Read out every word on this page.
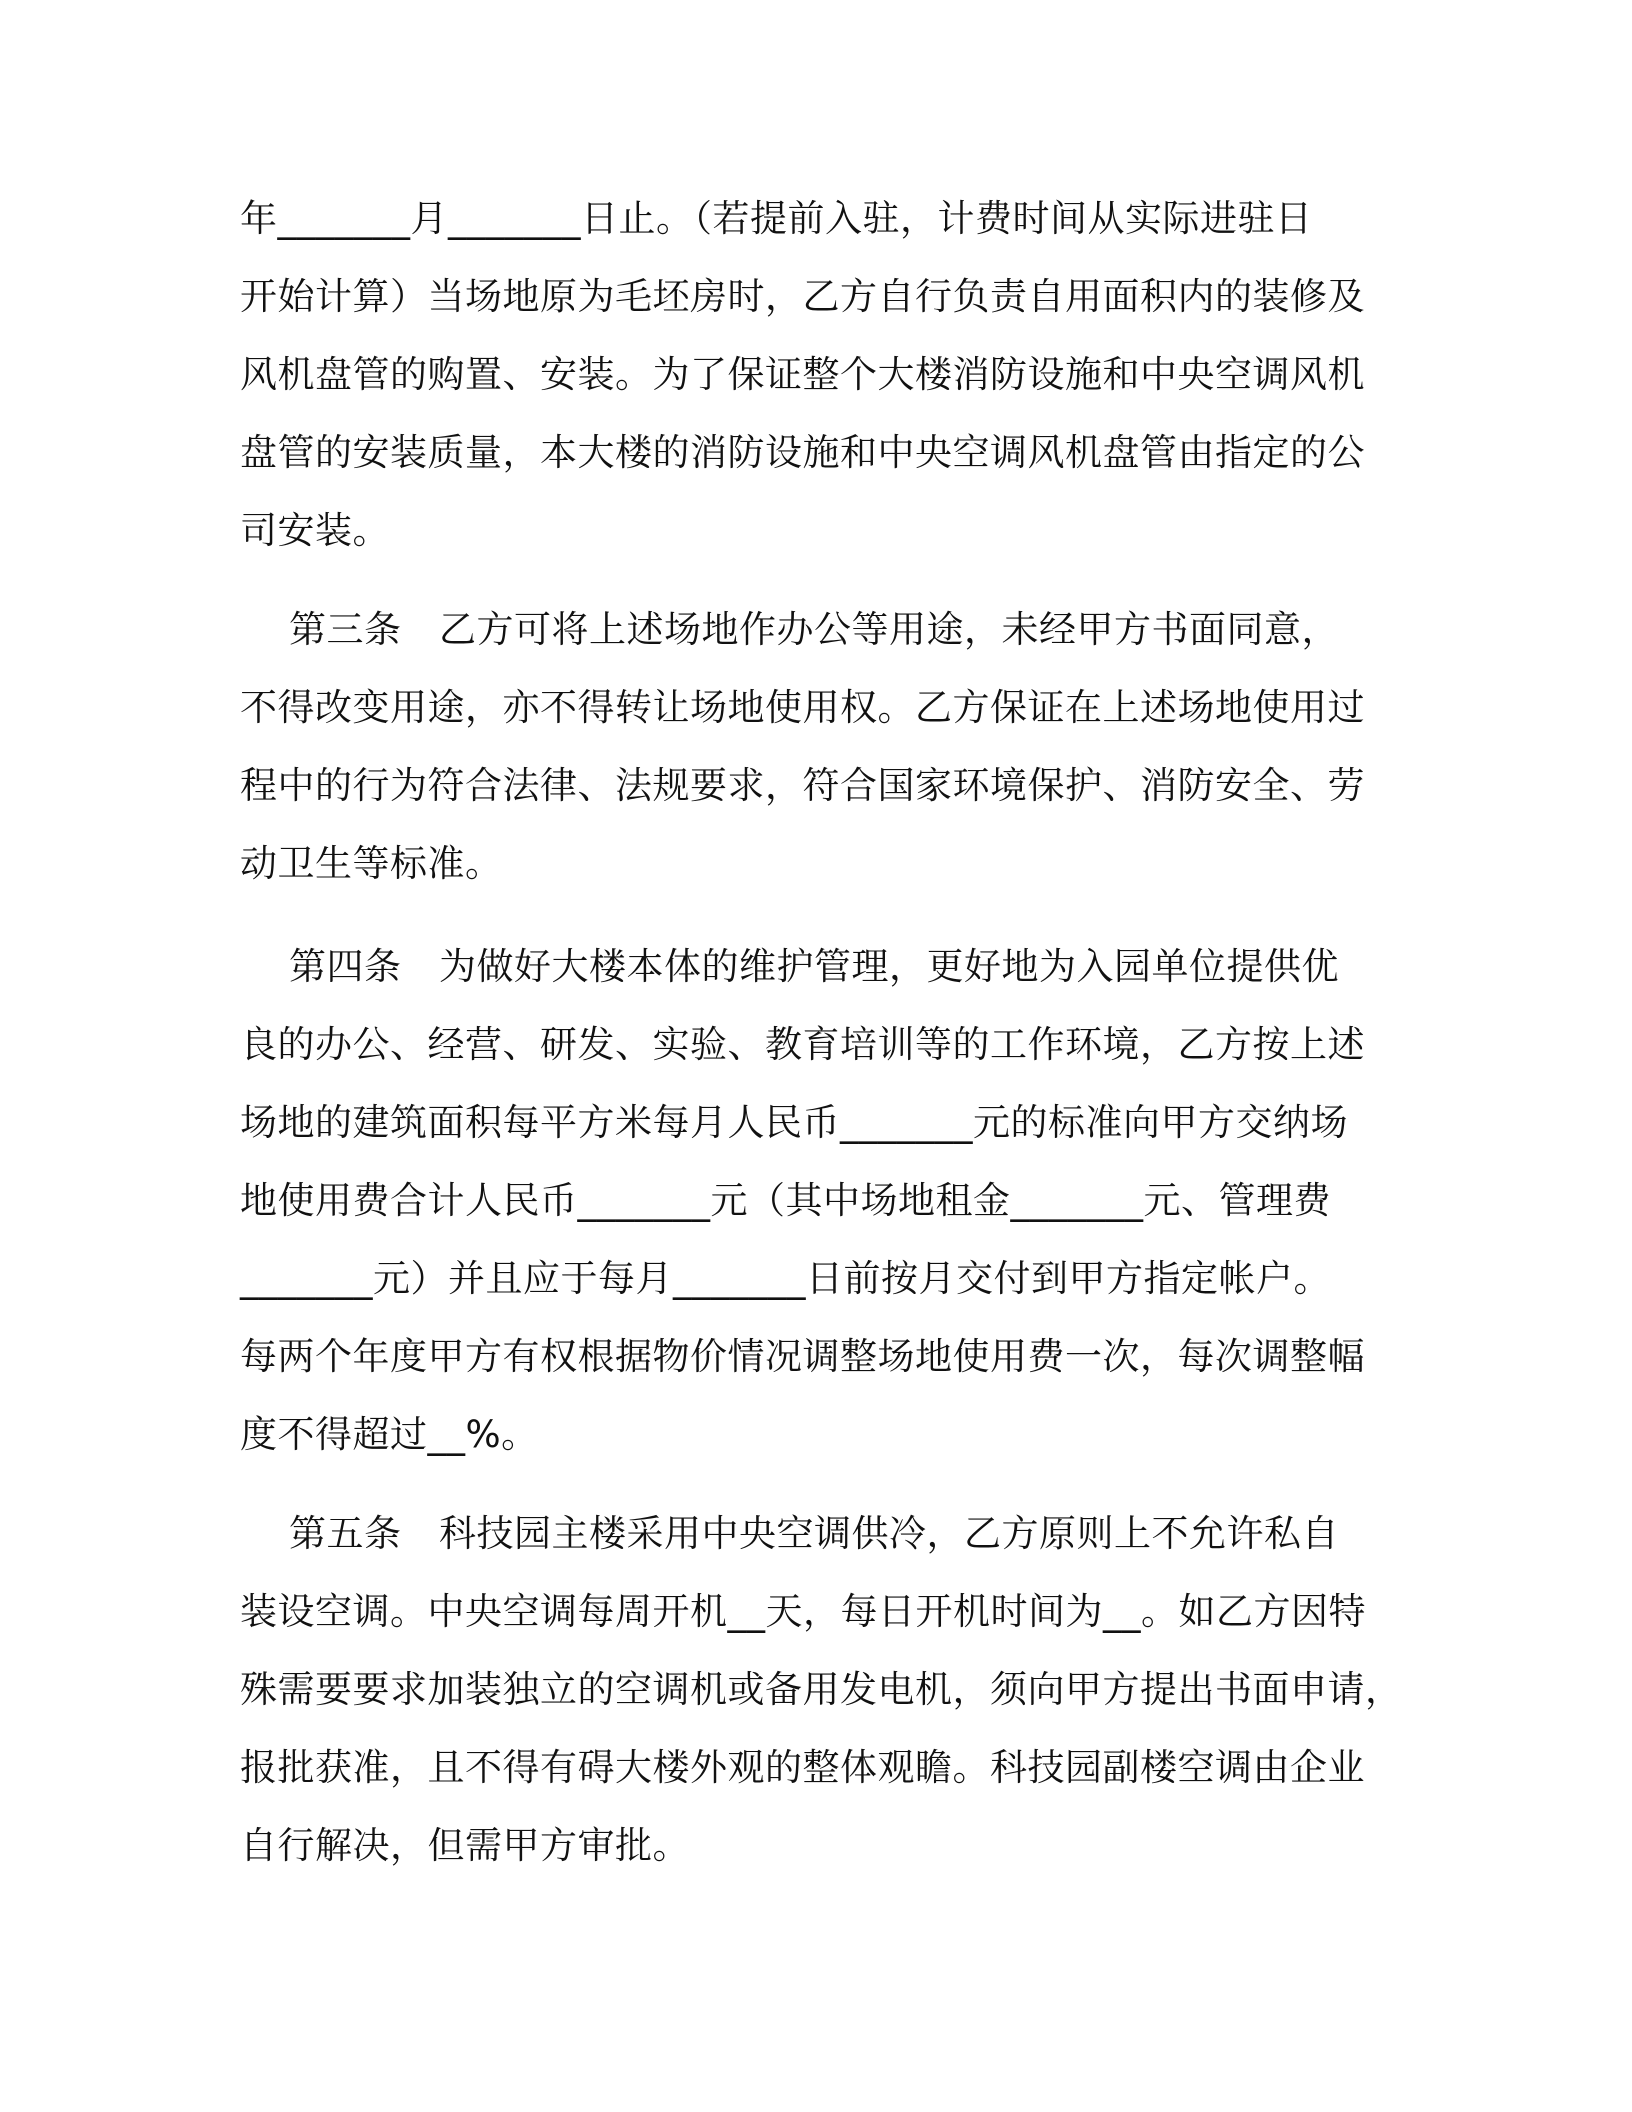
年_______月_______日止。（若提前入驻，计费时间从实际进驻日
开始计算）当场地原为毛坯房时，乙方自行负责自用面积内的装修及
风机盘管的购置、安装。为了保证整个大楼消防设施和中央空调风机
盘管的安装质量，本大楼的消防设施和中央空调风机盘管由指定的公
司安装。
第三条　乙方可将上述场地作办公等用途，未经甲方书面同意，
不得改变用途，亦不得转让场地使用权。乙方保证在上述场地使用过
程中的行为符合法律、法规要求，符合国家环境保护、消防安全、劳
动卫生等标准。
第四条　为做好大楼本体的维护管理，更好地为入园单位提供优
良的办公、经营、研发、实验、教育培训等的工作环境，乙方按上述
场地的建筑面积每平方米每月人民币_______元的标准向甲方交纳场
地使用费合计人民币_______元（其中场地租金_______元、管理费
_______元）并且应于每月_______日前按月交付到甲方指定帐户。
每两个年度甲方有权根据物价情况调整场地使用费一次，每次调整幅
度不得超过__%。
第五条　科技园主楼采用中央空调供冷，乙方原则上不允许私自
装设空调。中央空调每周开机__天，每日开机时间为__。如乙方因特
殊需要要求加装独立的空调机或备用发电机，须向甲方提出书面申请，
报批获准，且不得有碍大楼外观的整体观瞻。科技园副楼空调由企业
自行解决，但需甲方审批。
